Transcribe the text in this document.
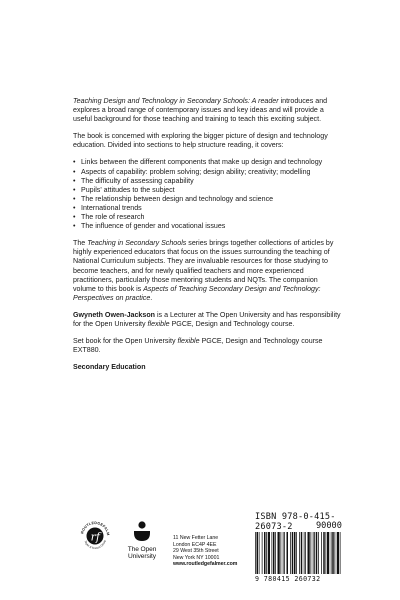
Teaching Design and Technology in Secondary Schools: A reader introduces and explores a broad range of contemporary issues and key ideas and will provide a useful background for those teaching and training to teach this exciting subject.

The book is concerned with exploring the bigger picture of design and technology education. Divided into sections to help structure reading, it covers:

• Links between the different components that make up design and technology
• Aspects of capability: problem solving; design ability; creativity; modelling
• The difficulty of assessing capability
• Pupils' attitudes to the subject
• The relationship between design and technology and science
• International trends
• The role of research
• The influence of gender and vocational issues

The Teaching in Secondary Schools series brings together collections of articles by highly experienced educators that focus on the issues surrounding the teaching of National Curriculum subjects. They are invaluable resources for those studying to become teachers, and for newly qualified teachers and more experienced practitioners, particularly those mentoring students and NQTs. The companion volume to this book is Aspects of Teaching Secondary Design and Technology: Perspectives on practice.

Gwyneth Owen-Jackson is a Lecturer at The Open University and has responsibility for the Open University flexible PGCE, Design and Technology course.

Set book for the Open University flexible PGCE, Design and Technology course EXT880.

Secondary Education

rf
ROUTLEDGEFALM
Taylor & Francis Group
The Open
University
11 New Fetter Lane
London EC4P 4EE
29 West 35th Street
New York NY 10001
www.routledgefalmer.com
ISBN 978-0-415-26073-2	90000
9 780415 260732
